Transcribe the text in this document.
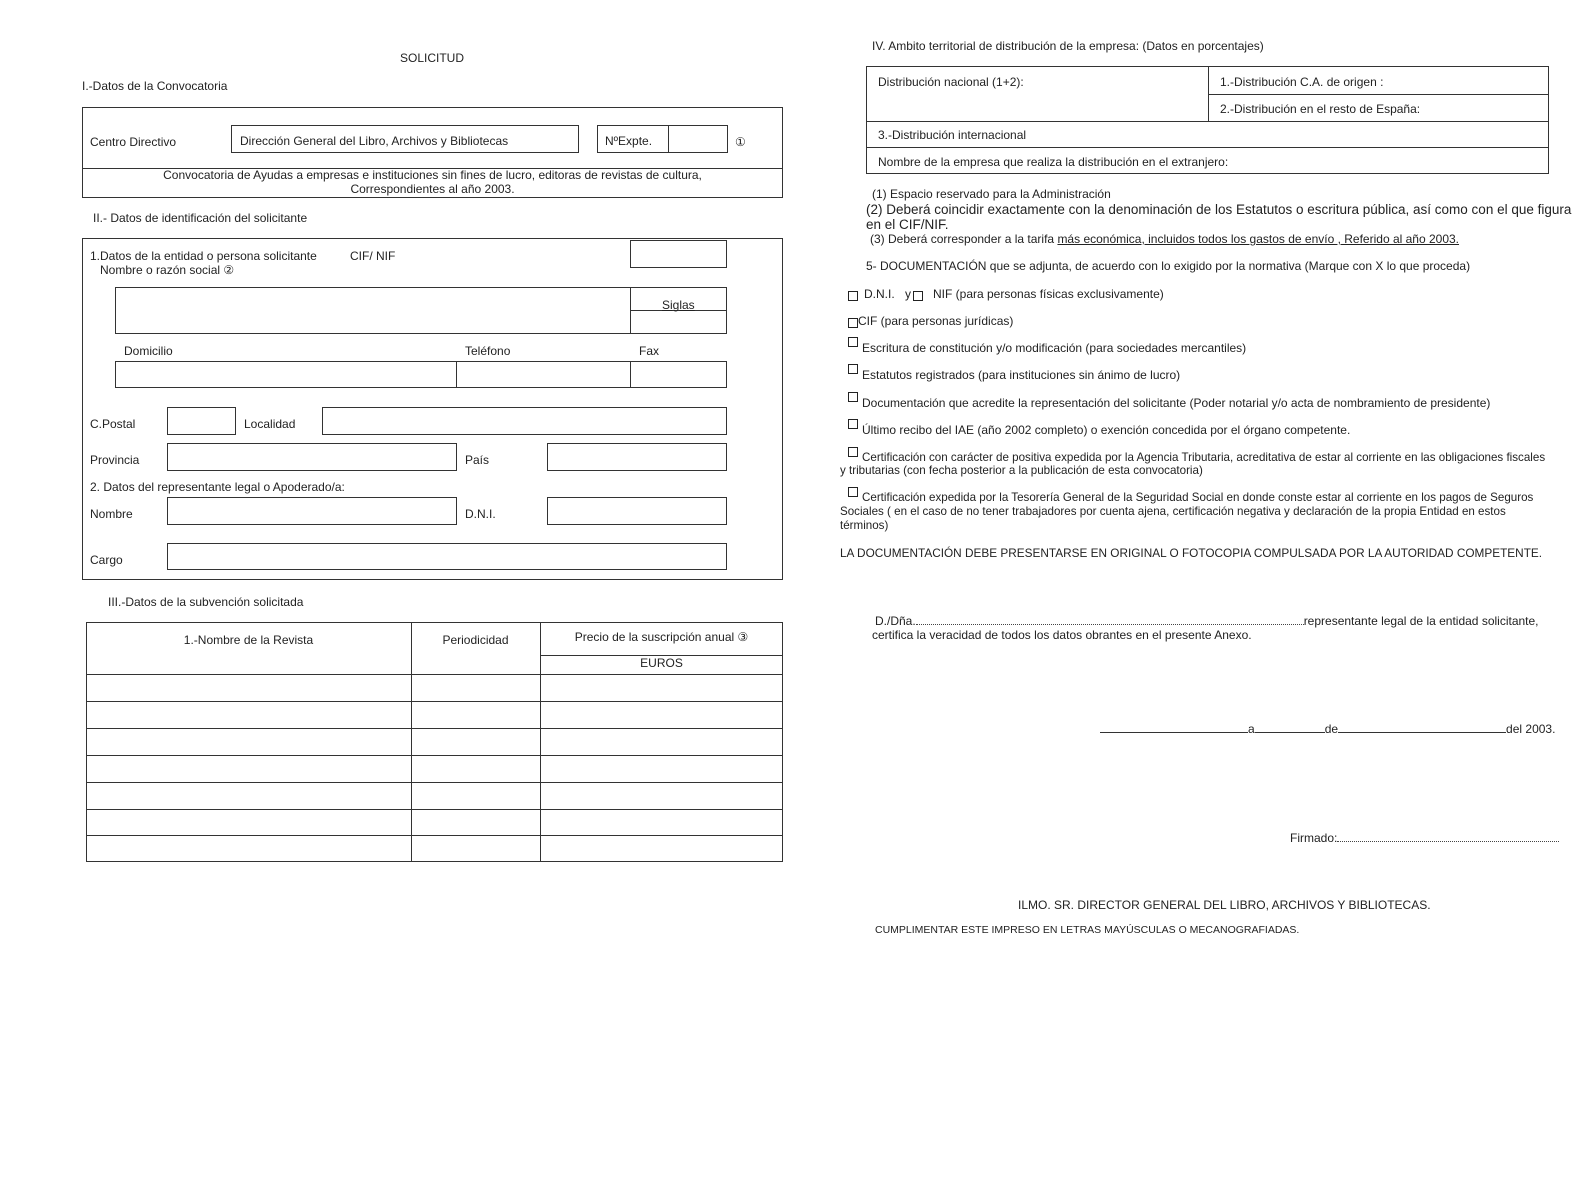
SOLICITUD
I.-Datos de la Convocatoria
Centro Directivo	Dirección General del Libro, Archivos y Bibliotecas	NºExpte.	①
Convocatoria de Ayudas a empresas e instituciones sin fines de lucro, editoras de revistas de cultura,
Correspondientes al año 2003.
II.- Datos de identificación del solicitante
1.Datos de la entidad o persona solicitante	CIF/ NIF
Nombre o razón social ②
Siglas
Domicilio	Teléfono	Fax
C.Postal	Localidad
Provincia	País
2. Datos del representante legal o Apoderado/a:
Nombre	D.N.I.
Cargo
III.-Datos de la subvención solicitada
1.-Nombre de la Revista	Periodicidad	Precio de la suscripción anual ③
EUROS
IV. Ambito territorial de distribución de la empresa: (Datos en porcentajes)
Distribución nacional (1+2):	1.-Distribución C.A. de origen :
2.-Distribución en el resto de España:
3.-Distribución internacional
Nombre de la empresa que realiza la distribución en el extranjero:
(1) Espacio reservado para la Administración
(2) Deberá coincidir exactamente con la denominación de los Estatutos o escritura pública, así como con el que figura
en el CIF/NIF.
(3) Deberá corresponder a la tarifa más económica, incluidos todos los gastos de envío , Referido al año 2003.
5- DOCUMENTACIÓN que se adjunta, de acuerdo con lo exigido por la normativa (Marque con X lo que proceda)
D.N.I. y NIF (para personas físicas exclusivamente)
CIF (para personas jurídicas)
Escritura de constitución y/o modificación (para sociedades mercantiles)
Estatutos registrados (para instituciones sin ánimo de lucro)
Documentación que acredite la representación del solicitante (Poder notarial y/o acta de nombramiento de presidente)
Último recibo del IAE (año 2002 completo) o exención concedida por el órgano competente.
Certificación con carácter de positiva expedida por la Agencia Tributaria, acreditativa de estar al corriente en las obligaciones fiscales
y tributarias (con fecha posterior a la publicación de esta convocatoria)
Certificación expedida por la Tesorería General de la Seguridad Social en donde conste estar al corriente en los pagos de Seguros
Sociales ( en el caso de no tener trabajadores por cuenta ajena, certificación negativa y declaración de la propia Entidad en estos
términos)
LA DOCUMENTACIÓN DEBE PRESENTARSE EN ORIGINAL O FOTOCOPIA COMPULSADA POR LA AUTORIDAD COMPETENTE.
D./Dña.	representante legal de la entidad solicitante,
certifica la veracidad de todos los datos obrantes en el presente Anexo.
a	de	del 2003.
Firmado:
ILMO. SR. DIRECTOR GENERAL DEL LIBRO, ARCHIVOS Y BIBLIOTECAS.
CUMPLIMENTAR ESTE IMPRESO EN LETRAS MAYÚSCULAS O MECANOGRAFIADAS.
